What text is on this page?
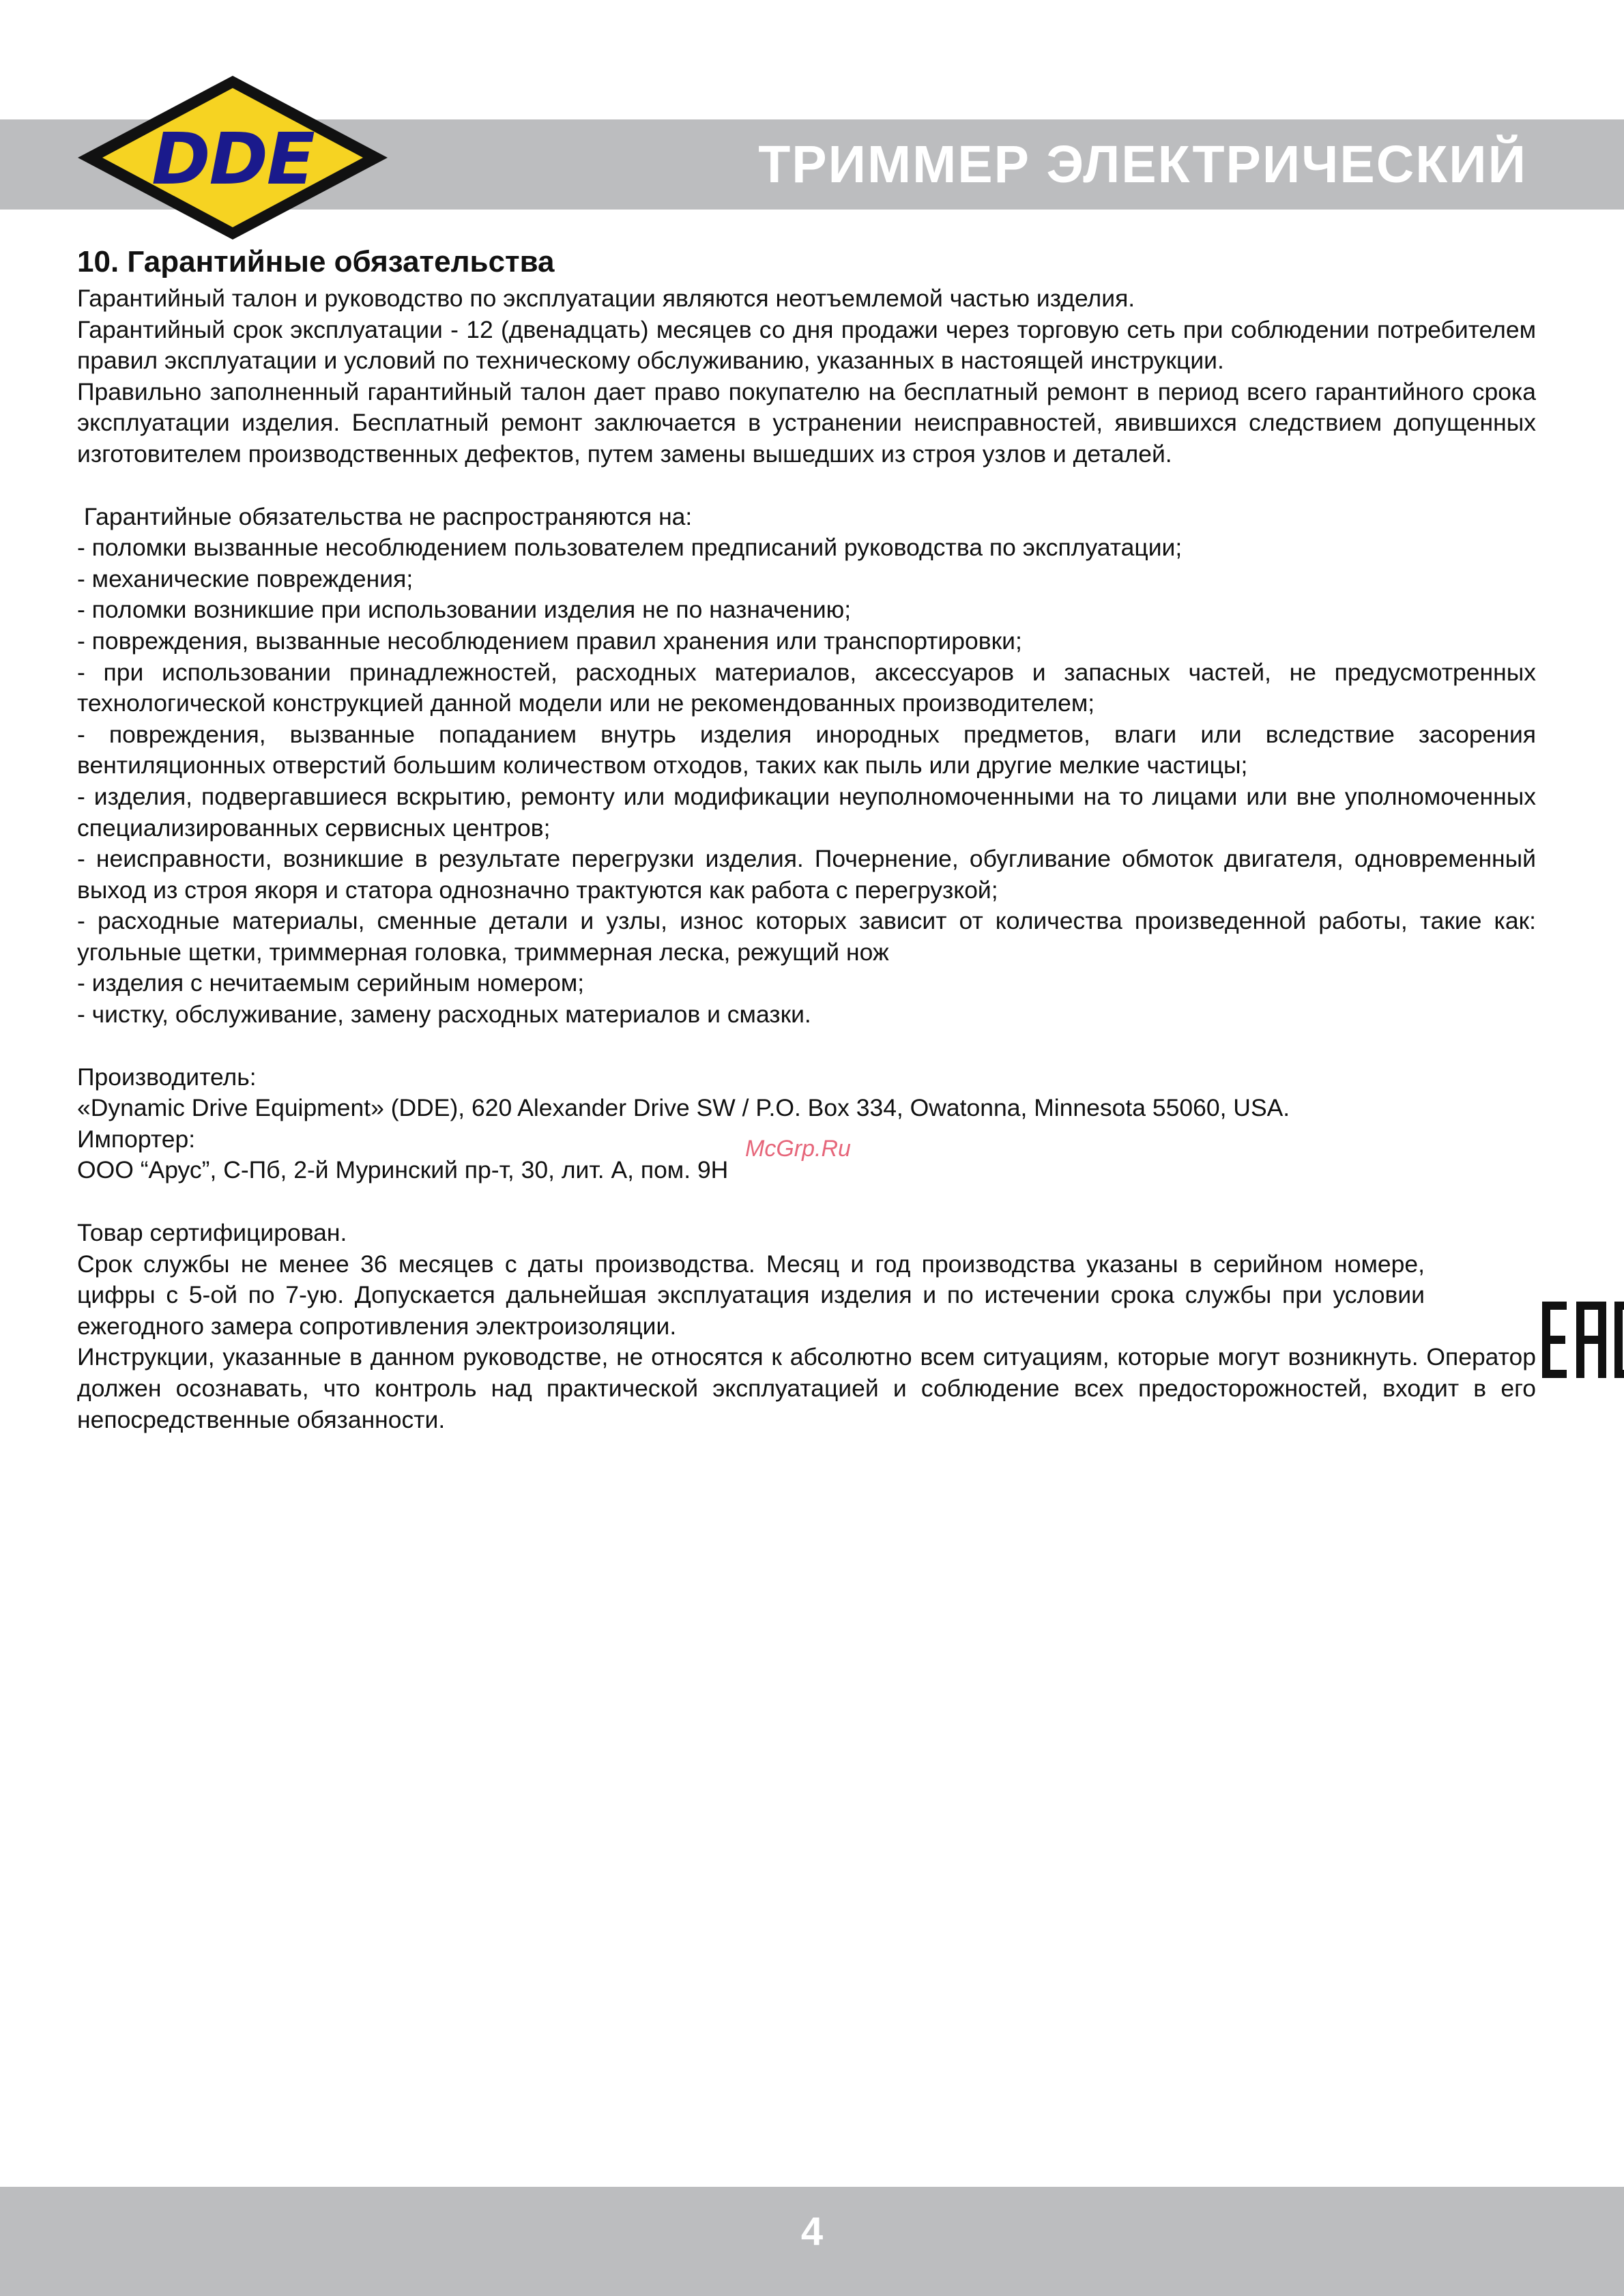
ТРИММЕР ЭЛЕКТРИЧЕСКИЙ
DDE
McGrp.Ru
10. Гарантийные обязательства

Гарантийный талон и руководство по эксплуатации являются неотъемлемой частью изделия.

Гарантийный срок эксплуатации - 12 (двенадцать) месяцев со дня продажи через торговую сеть при соблюдении потребителем правил эксплуатации и условий по техническому обслуживанию, указанных в настоящей инструкции.

Правильно заполненный гарантийный талон дает право покупателю на бесплатный ремонт в период всего гарантийного срока эксплуатации изделия. Бесплатный ремонт заключается в устранении неисправностей, явившихся следствием допущенных изготовителем производственных дефектов, путем замены вышедших из строя узлов и деталей.

Гарантийные обязательства не распространяются на:

- поломки вызванные несоблюдением пользователем предписаний руководства по эксплуатации;

- механические повреждения;

- поломки возникшие при использовании изделия не по назначению;

- повреждения, вызванные несоблюдением правил хранения или транспортировки;

- при использовании принадлежностей, расходных материалов, аксессуаров и запасных частей, не предусмотренных технологической конструкцией данной модели или не рекомендованных производителем;

- повреждения, вызванные попаданием внутрь изделия инородных предметов, влаги или вследствие засорения вентиляционных отверстий большим количеством отходов, таких как пыль или другие мелкие частицы;

- изделия, подвергавшиеся вскрытию, ремонту или модификации неуполномоченными на то лицами или вне уполномоченных специализированных сервисных центров;

- неисправности, возникшие в результате перегрузки изделия. Почернение, обугливание обмоток двигателя, одновременный выход из строя якоря и статора однозначно трактуются как работа с перегрузкой;

- расходные материалы, сменные детали и узлы, износ которых зависит от количества произведенной работы, такие как: угольные щетки, триммерная головка, триммерная леска, режущий нож

- изделия с нечитаемым серийным номером;

- чистку, обслуживание, замену расходных материалов и смазки.

Производитель:

«Dynamic Drive Equipment» (DDE), 620 Alexander Drive SW / P.O. Box 334, Owatonna, Minnesota 55060, USA.

Импортер:

ООО “Арус”, С-Пб, 2-й Муринский пр-т, 30, лит. А, пом. 9Н

Товар сертифицирован.

Срок службы не менее 36 месяцев с даты производства. Месяц и год производства указаны в серийном номере, цифры с 5-ой по 7-ую. Допускается дальнейшая эксплуатация изделия и по истечении срока службы при условии ежегодного замера сопротивления электроизоляции.

Инструкции, указанные в данном руководстве, не относятся к абсолютно всем ситуациям, которые могут возникнуть. Оператор должен осознавать, что контроль над практической эксплуатацией и соблюдение всех предосторожностей, входит в его непосредственные обязанности.

4
